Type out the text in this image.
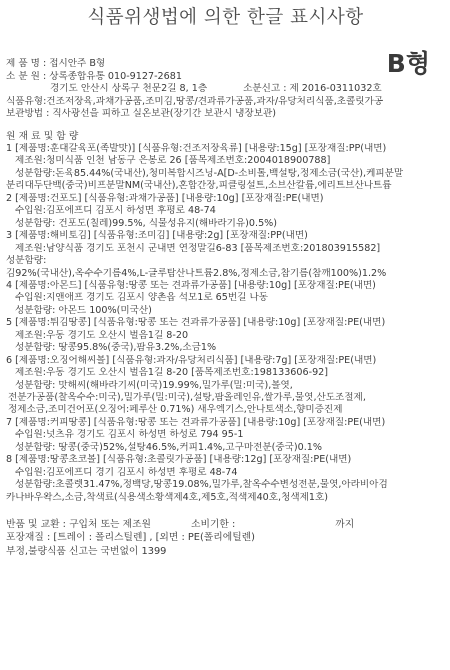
식품위생법에 의한 한글 표시사항
B형
제 품 명 : 접시안주 B형
소 분 원 : 상록종합유통 010-9127-2681
경기도 안산시 상록구 천문2길 8, 1층	소분신고 : 제 2016-0311032호
식품유형:건조저장육,과채가공품,조미김,땅콩/견과류가공품,과자/유당처리식품,초콜릿가공
보관방법 : 직사광선을 피하고 실온보관(장기간 보관시 냉장보관)
원 재 료 및 함 량
1 [제품명:훈대갈육포(족발맛)] [식품유형:건조저장육류] [내용량:15g] [포장재질:PP(내면)
제조원:청미식품 인천 남동구 은봉로 26 [품목제조번호:2004018900788]
성분함량:돈육85.44%(국내산),청미복합시즈닝-A[D-소비톨,백설탕,정제소금(국산),케피분말
분리대두단백(중국)비프분말NM(국내산),혼합간장,피클링설트,소브산칼륨,에리트브산나트륨
2 [제품명:건포도] [식품유형:과채가공품] [내용량:10g] [포장재질:PE(내면)
수입원:김포에프디 김포시 하성면 후평로 48-74
성분함량: 건포도(칠레)99.5%, 식물성유지(해바라기유)0.5%)
3 [제품명:해비토김] [식품유형:조미김] [내용량:2g] [포장재질:PP(내면)
제조원:남양식품 경기도 포천시 군내면 연정말길6-83 [품목제조번호:201803915582]
성분함량:
김92%(국내산),옥수수기름4%,L-글루탐산나트륨2.8%,정제소금,참기름(참깨100%)1.2%
4 [제품명:아몬드] [식품유형:땅콩 또는 견과류가공품] [내용량:10g] [포장재질:PE(내면)
수입원:지앤애프 경기도 김포시 양촌읍 석모1로 65번길 나동
성분함량: 아몬드 100%(미국산)
5 [제품명:튀김땅콩] [식품유형:땅콩 또는 견과류가공품] [내용량:10g] [포장재질:PE(내면)
제조원:우동 경기도 오산시 벌음1길 8-20
성분함량: 땅콩95.8%(중국),팜유3.2%,소금1%
6 [제품명:오징어해씨볼] [식품유형:과자/유당처리식품] [내용량:7g] [포장재질:PE(내면)
제조원:우동 경기도 오산시 벌음1길 8-20 [품목제조번호:198133606-92]
성분함량: 맛해씨(해바라기씨(미국)19.99%,밀가루(밀:미국),볼엿,
전분가공품(찰옥수수:미국),밀가루(밀:미국),설탕,팜올레인유,쌀가루,물엿,산도조절제,
정제소금,조미건어포(오징어:페루산 0.71%) 새우엑기스,안나토색소,향미증진제
7 [제품명:커피땅콩] [식품유형:땅콩 또는 견과류가공품] [내용량:10g] [포장재질:PE(내면)
수입원:넛츠유 경기도 김포시 하성면 하성로 794 95-1
성분함량: 땅콩(중국)52%,설탕46.5%,커피1.4%,고구마전분(중국)0.1%
8 [제품명:땅콩초코볼] [식품유형:초콜릿가공품] [내용량:12g] [포장재질:PE(내면)
수입원:김포에프디 경기 김포시 하성면 후평로 48-74
성분함량:초콜렛31.47%,정백당,땅콩19.08%,밀가루,찰옥수수변성전분,물엿,아라비아검
카나바우왁스,소금,착색료(식용색소황색제4호,제5호,적색제40호,청색제1호)
반품 및 교환 : 구입처 또는 제조원	소비기한 :	까지
포장재질 : [트레이 : 폴리스틸렌] , [외면 : PE(폴리에틸렌)
부정,불량식품 신고는 국번없이 1399
